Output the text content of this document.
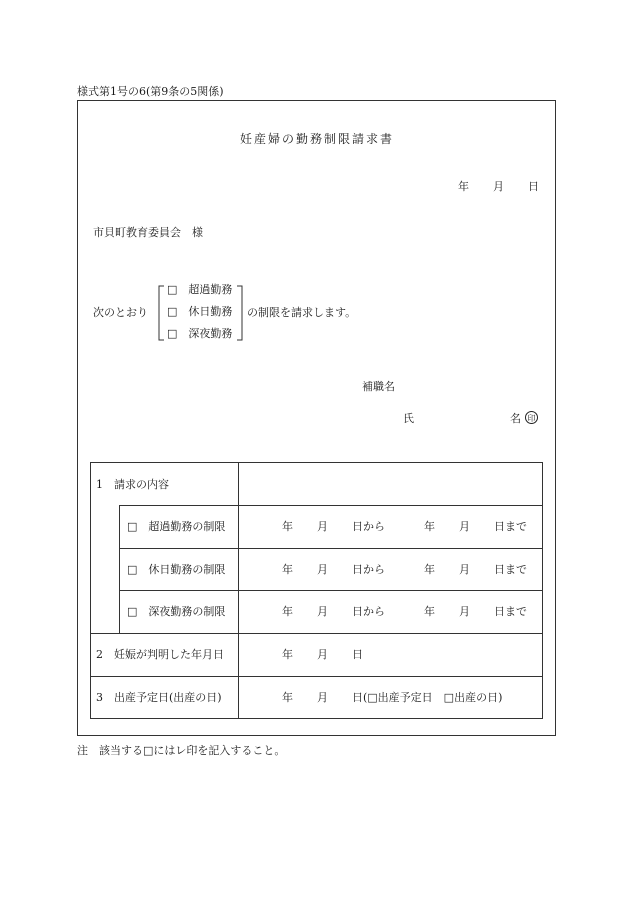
様式第1号の6(第9条の5関係)
妊産婦の勤務制限請求書
年 月 日
市貝町教育委員会　様
次のとおり
□　超過勤務
□　休日勤務
□　深夜勤務
の制限を請求します。
補職名
氏	名 印
1　請求の内容
□　超過勤務の制限	年 月 日から	年 月 日まで
□　休日勤務の制限	年 月 日から	年 月 日まで
□　深夜勤務の制限	年 月 日から	年 月 日まで
2　妊娠が判明した年月日	年 月 日
3　出産予定日(出産の日)	年 月 日(□出産予定日　□出産の日)
注　該当する□にはレ印を記入すること。
